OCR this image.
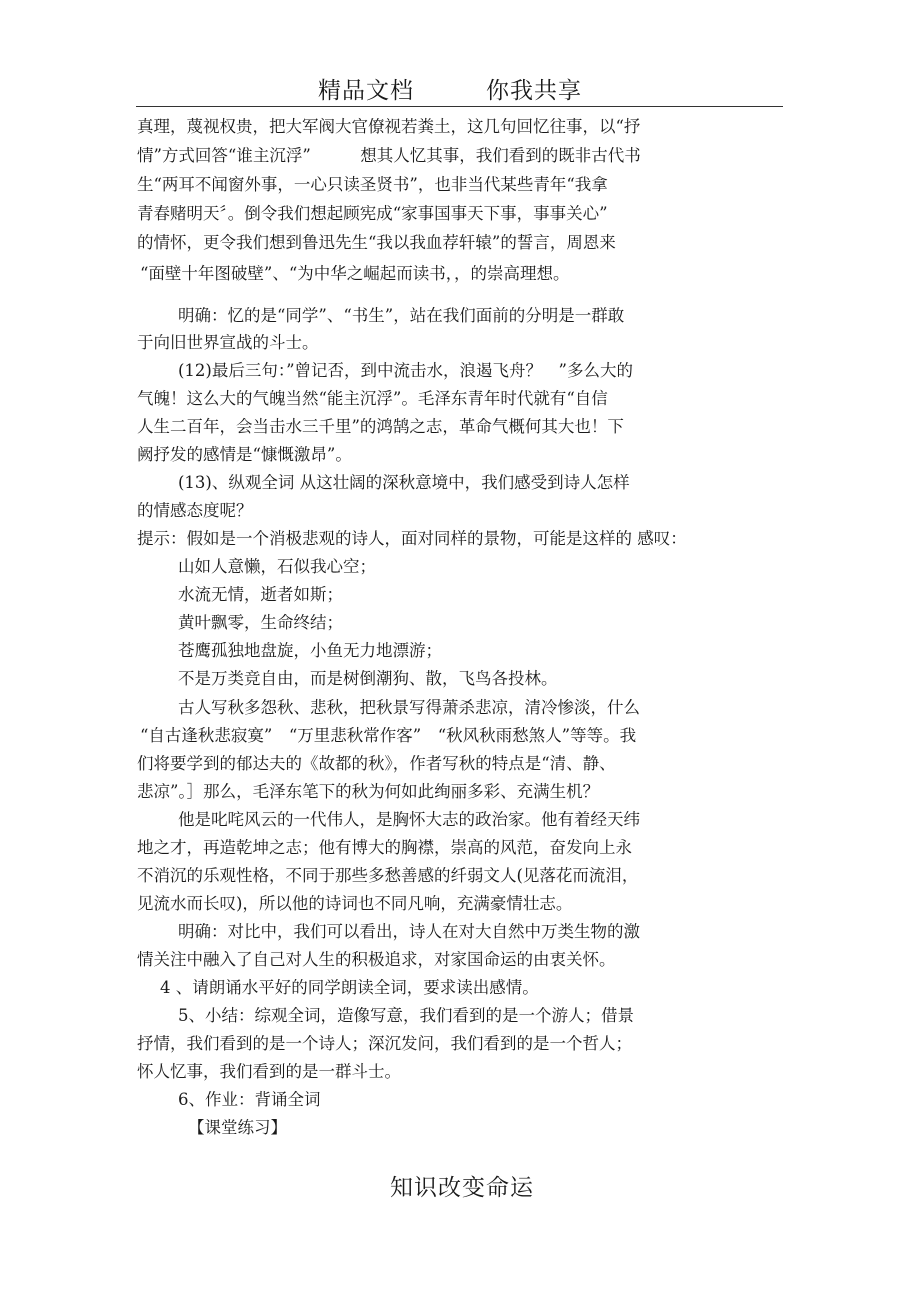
精品文档	你我共享
真理，蔑视权贵，把大军阀大官僚视若粪土，这几句回忆往事，以“抒
情”方式回答“谁主沉浮”　　　想其人忆其事，我们看到的既非古代书
生“两耳不闻窗外事，一心只读圣贤书”，也非当代某些青年“我拿
青春赌明天〞。倒令我们想起顾宪成“家事国事天下事，事事关心”
的情怀，更令我们想到鲁迅先生“我以我血荐轩辕”的誓言，周恩来
“面壁十年图破壁”、“为中华之崛起而读书，，的崇高理想。
明确：忆的是“同学”、“书生”，站在我们面前的分明是一群敢
于向旧世界宣战的斗士。
(12)最后三句：”曾记否，到中流击水，浪遏飞舟？　”多么大的
气魄！这么大的气魄当然“能主沉浮”。毛泽东青年时代就有“自信
人生二百年，会当击水三千里”的鸿鹄之志，革命气概何其大也！下
阙抒发的感情是“慷慨激昂”。
(13)、纵观全词 从这壮阔的深秋意境中，我们感受到诗人怎样
的情感态度呢？
提示：假如是一个消极悲观的诗人，面对同样的景物，可能是这样的 感叹：
山如人意懒，石似我心空；
水流无情，逝者如斯；
黄叶飘零，生命终结；
苍鹰孤独地盘旋，小鱼无力地漂游；
不是万类竞自由，而是树倒潮狗、散，飞鸟各投林。
古人写秋多怨秋、悲秋，把秋景写得萧杀悲凉，清冷惨淡，什么
“自古逢秋悲寂寞”　“万里悲秋常作客”　“秋风秋雨愁煞人”等等。我
们将要学到的郁达夫的《故都的秋》，作者写秋的特点是“清、静、
悲凉”。］那么，毛泽东笔下的秋为何如此绚丽多彩、充满生机？
他是叱咤风云的一代伟人，是胸怀大志的政治家。他有着经天纬
地之才，再造乾坤之志；他有博大的胸襟，崇高的风范，奋发向上永
不消沉的乐观性格，不同于那些多愁善感的纤弱文人(见落花而流泪，
见流水而长叹)，所以他的诗词也不同凡响，充满豪情壮志。
明确：对比中，我们可以看出，诗人在对大自然中万类生物的激
情关注中融入了自己对人生的积极追求，对家国命运的由衷关怀。
4 、请朗诵水平好的同学朗读全词，要求读出感情。
5、小结：综观全词，造像写意，我们看到的是一个游人；借景
抒情，我们看到的是一个诗人；深沉发问，我们看到的是一个哲人；
怀人忆事，我们看到的是一群斗士。
6、作业：背诵全词
【课堂练习】
知识改变命运
